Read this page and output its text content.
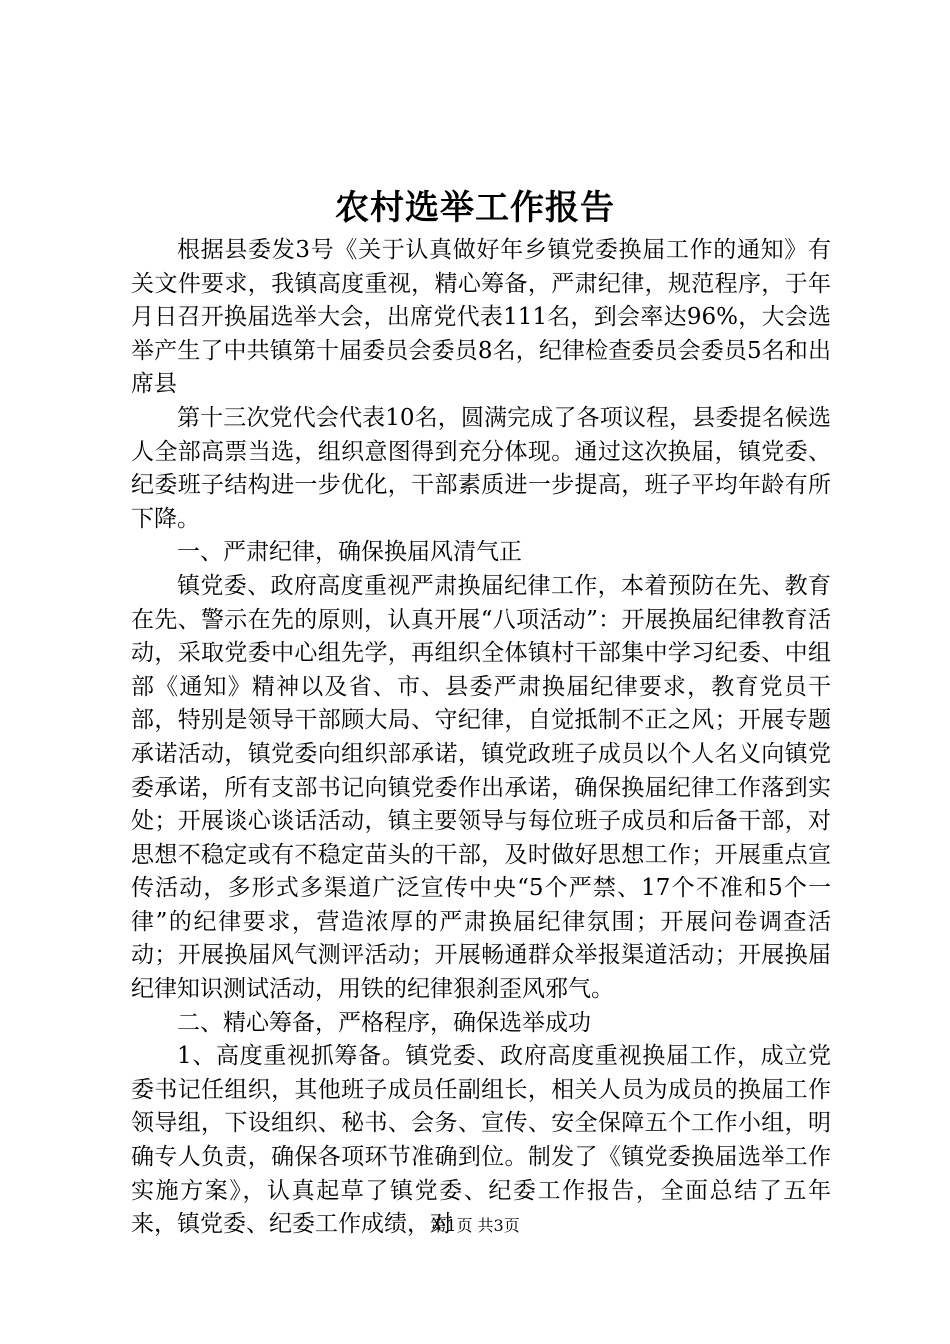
农村选举工作报告

根据县委发3号《关于认真做好年乡镇党委换届工作的通知》有关文件要求，我镇高度重视，精心筹备，严肃纪律，规范程序，于年月日召开换届选举大会，出席党代表111名，到会率达96%，大会选举产生了中共镇第十届委员会委员8名，纪律检查委员会委员5名和出席县

第十三次党代会代表10名，圆满完成了各项议程，县委提名候选人全部高票当选，组织意图得到充分体现。通过这次换届，镇党委、纪委班子结构进一步优化，干部素质进一步提高，班子平均年龄有所下降。

一、严肃纪律，确保换届风清气正

镇党委、政府高度重视严肃换届纪律工作，本着预防在先、教育在先、警示在先的原则，认真开展“八项活动”：开展换届纪律教育活动，采取党委中心组先学，再组织全体镇村干部集中学习纪委、中组部《通知》精神以及省、市、县委严肃换届纪律要求，教育党员干部，特别是领导干部顾大局、守纪律，自觉抵制不正之风；开展专题承诺活动，镇党委向组织部承诺，镇党政班子成员以个人名义向镇党委承诺，所有支部书记向镇党委作出承诺，确保换届纪律工作落到实处；开展谈心谈话活动，镇主要领导与每位班子成员和后备干部，对思想不稳定或有不稳定苗头的干部，及时做好思想工作；开展重点宣传活动，多形式多渠道广泛宣传中央“5个严禁、17个不准和5个一律”的纪律要求，营造浓厚的严肃换届纪律氛围；开展问卷调查活动；开展换届风气测评活动；开展畅通群众举报渠道活动；开展换届纪律知识测试活动，用铁的纪律狠刹歪风邪气。

二、精心筹备，严格程序，确保选举成功

1、高度重视抓筹备。镇党委、政府高度重视换届工作，成立党委书记任组织，其他班子成员任副组长，相关人员为成员的换届工作领导组，下设组织、秘书、会务、宣传、安全保障五个工作小组，明确专人负责，确保各项环节准确到位。制发了《镇党委换届选举工作实施方案》，认真起草了镇党委、纪委工作报告，全面总结了五年来，镇党委、纪委工作成绩，对

第1页 共3页
